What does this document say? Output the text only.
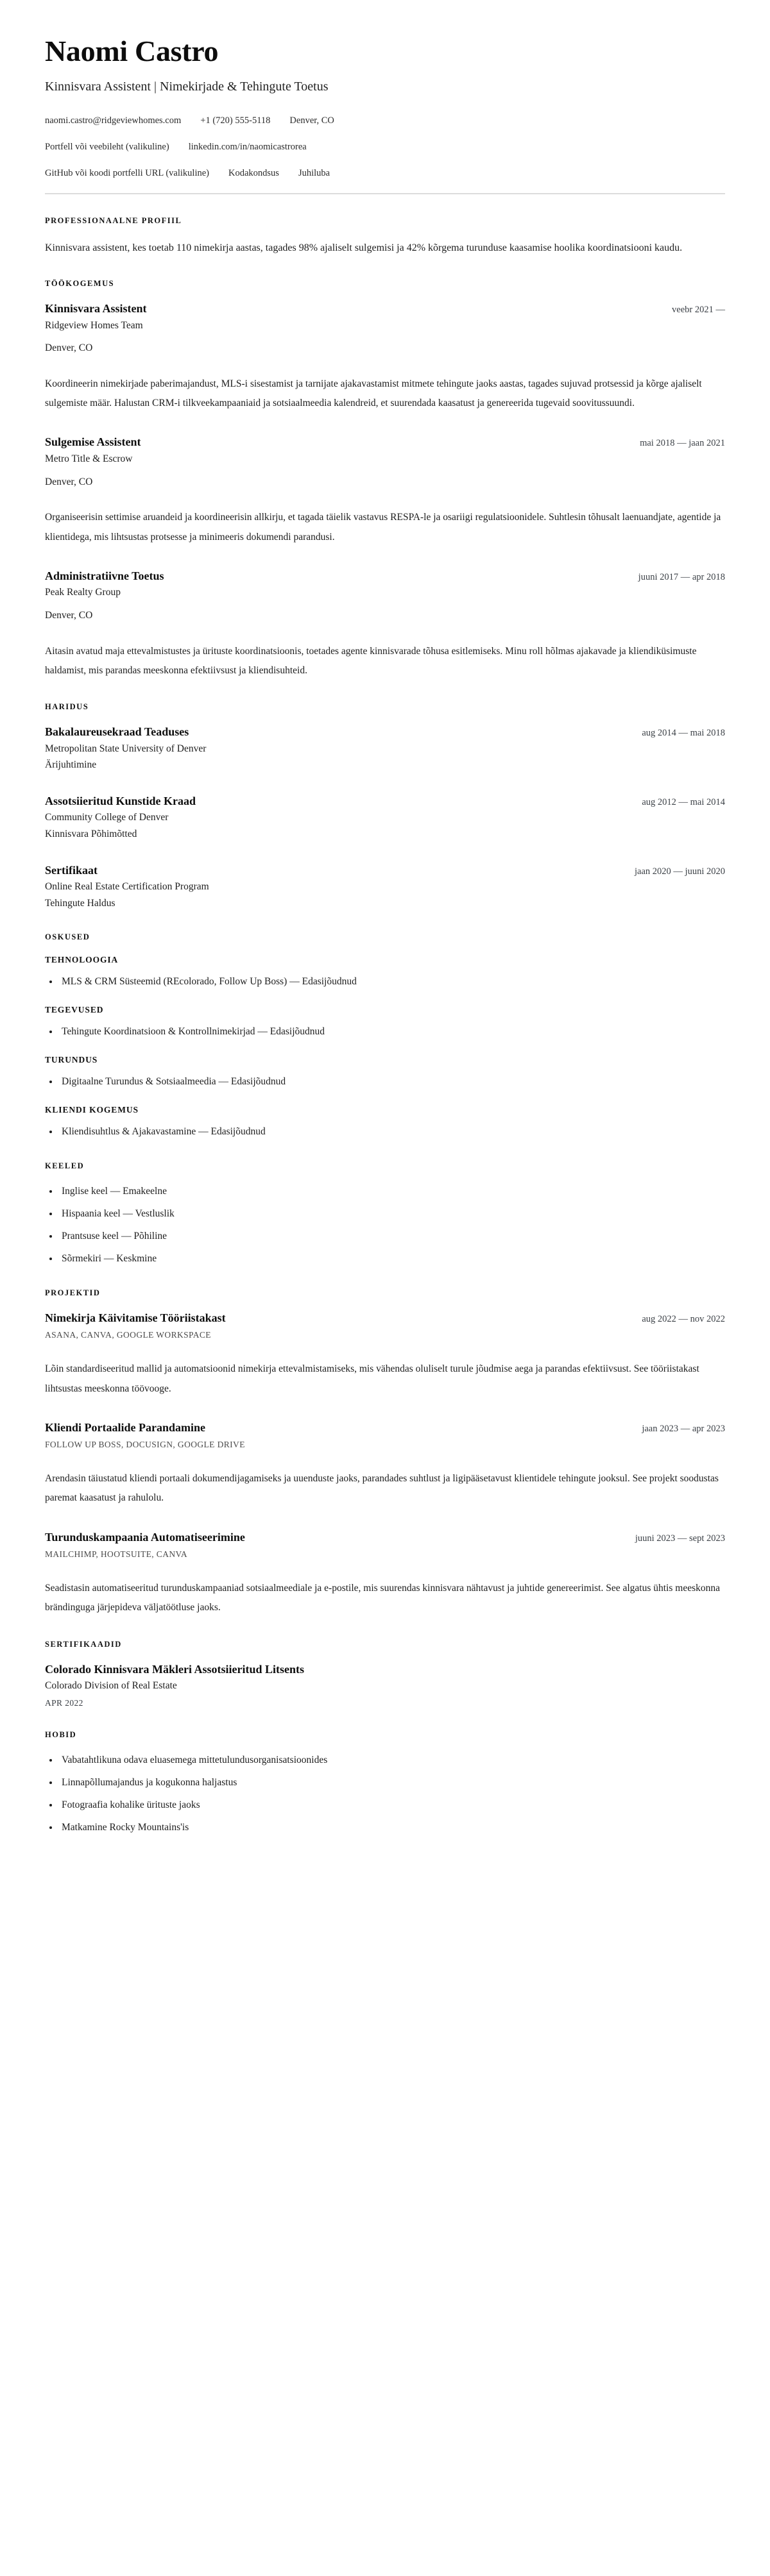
Naomi Castro
Kinnisvara Assistent | Nimekirjade & Tehingute Toetus
naomi.castro@ridgeviewhomes.com +1 (720) 555-5118 Denver, CO
Portfell või veebileht (valikuline) linkedin.com/in/naomicastrorea
GitHub või koodi portfelli URL (valikuline) Kodakondsus Juhiluba
PROFESSIONAALNE PROFIIL

Kinnisvara assistent, kes toetab 110 nimekirja aastas, tagades 98% ajaliselt sulgemisi ja 42% kõrgema turunduse kaasamise hoolika koordinatsiooni kaudu.

TÖÖKOGEMUS
Kinnisvara Assistent	veebr 2021 —
Ridgeview Homes Team
Denver, CO

Koordineerin nimekirjade paberimajandust, MLS-i sisestamist ja tarnijate ajakavastamist mitmete tehingute jaoks aastas, tagades sujuvad protsessid ja kõrge ajaliselt sulgemiste määr. Halustan CRM-i tilkveekampaaniaid ja sotsiaalmeedia kalendreid, et suurendada kaasatust ja genereerida tugevaid soovitussuundi.

Sulgemise Assistent	mai 2018 — jaan 2021
Metro Title & Escrow
Denver, CO

Organiseerisin settimise aruandeid ja koordineerisin allkirju, et tagada täielik vastavus RESPA-le ja osariigi regulatsioonidele. Suhtlesin tõhusalt laenuandjate, agentide ja klientidega, mis lihtsustas protsesse ja minimeeris dokumendi parandusi.

Administratiivne Toetus	juuni 2017 — apr 2018
Peak Realty Group
Denver, CO

Aitasin avatud maja ettevalmistustes ja ürituste koordinatsioonis, toetades agente kinnisvarade tõhusa esitlemiseks. Minu roll hõlmas ajakavade ja kliendiküsimuste haldamist, mis parandas meeskonna efektiivsust ja kliendisuhteid.

HARIDUS
Bakalaureusekraad Teaduses	aug 2014 — mai 2018
Metropolitan State University of Denver
Ärijuhtimine
Assotsiieritud Kunstide Kraad	aug 2012 — mai 2014
Community College of Denver
Kinnisvara Põhimõtted
Sertifikaat	jaan 2020 — juuni 2020
Online Real Estate Certification Program
Tehingute Haldus
OSKUSED
TEHNOLOOGIA
MLS & CRM Süsteemid (REcolorado, Follow Up Boss) — Edasijõudnud
TEGEVUSED
Tehingute Koordinatsioon & Kontrollnimekirjad — Edasijõudnud
TURUNDUS
Digitaalne Turundus & Sotsiaalmeedia — Edasijõudnud
KLIENDI KOGEMUS
Kliendisuhtlus & Ajakavastamine — Edasijõudnud
KEELED
Inglise keel — Emakeelne
Hispaania keel — Vestluslik
Prantsuse keel — Põhiline
Sõrmekiri — Keskmine
PROJEKTID
Nimekirja Käivitamise Tööriistakast	aug 2022 — nov 2022
ASANA, CANVA, GOOGLE WORKSPACE

Lõin standardiseeritud mallid ja automatsioonid nimekirja ettevalmistamiseks, mis vähendas oluliselt turule jõudmise aega ja parandas efektiivsust. See tööriistakast lihtsustas meeskonna töövooge.

Kliendi Portaalide Parandamine	jaan 2023 — apr 2023
FOLLOW UP BOSS, DOCUSIGN, GOOGLE DRIVE

Arendasin täiustatud kliendi portaali dokumendijagamiseks ja uuenduste jaoks, parandades suhtlust ja ligipääsetavust klientidele tehingute jooksul. See projekt soodustas paremat kaasatust ja rahulolu.

Turunduskampaania Automatiseerimine	juuni 2023 — sept 2023
MAILCHIMP, HOOTSUITE, CANVA

Seadistasin automatiseeritud turunduskampaaniad sotsiaalmeediale ja e-postile, mis suurendas kinnisvara nähtavust ja juhtide genereerimist. See algatus ühtis meeskonna brändinguga järjepideva väljatöötluse jaoks.

SERTIFIKAADID
Colorado Kinnisvara Mäkleri Assotsiieritud Litsents
Colorado Division of Real Estate
APR 2022
HOBID
Vabatahtlikuna odava eluasemega mittetulundusorganisatsioonides
Linnapõllumajandus ja kogukonna haljastus
Fotograafia kohalike ürituste jaoks
Matkamine Rocky Mountains'is
